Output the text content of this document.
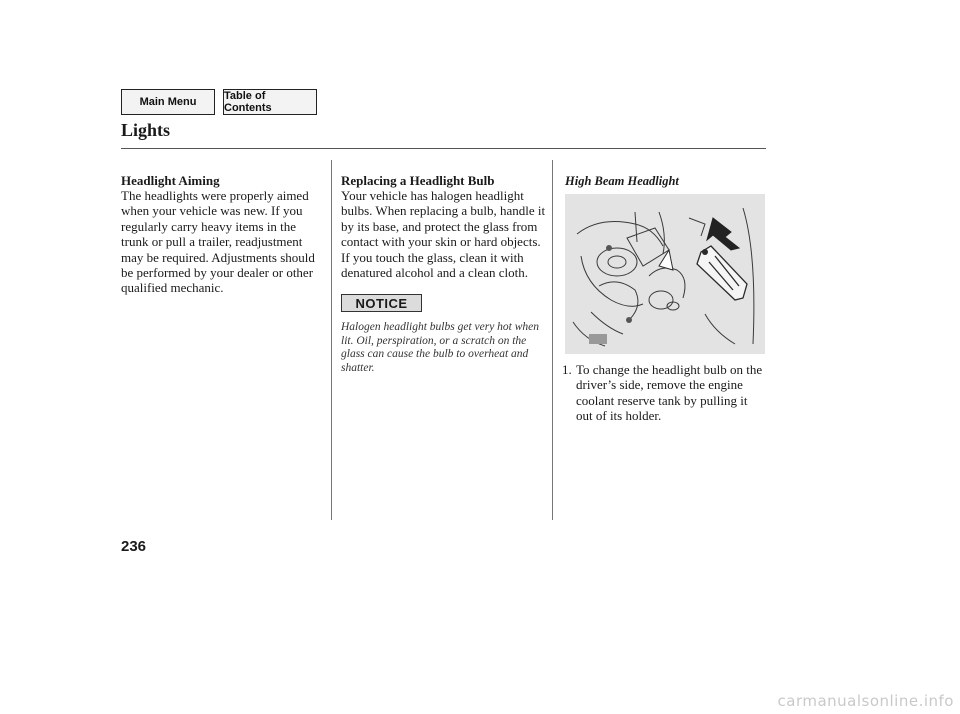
Main Menu	Table of Contents
Lights
Headlight Aiming

The headlights were properly aimed when your vehicle was new. If you regularly carry heavy items in the trunk or pull a trailer, readjustment may be required. Adjustments should be performed by your dealer or other qualified mechanic.

Replacing a Headlight Bulb

Your vehicle has halogen headlight bulbs. When replacing a bulb, handle it by its base, and protect the glass from contact with your skin or hard objects. If you touch the glass, clean it with denatured alcohol and a clean cloth.

NOTICE

Halogen headlight bulbs get very hot when lit. Oil, perspiration, or a scratch on the glass can cause the bulb to overheat and shatter.

High Beam Headlight
1. To change the headlight bulb on the driver’s side, remove the engine coolant reserve tank by pulling it out of its holder.
236
carmanualsonline.info
